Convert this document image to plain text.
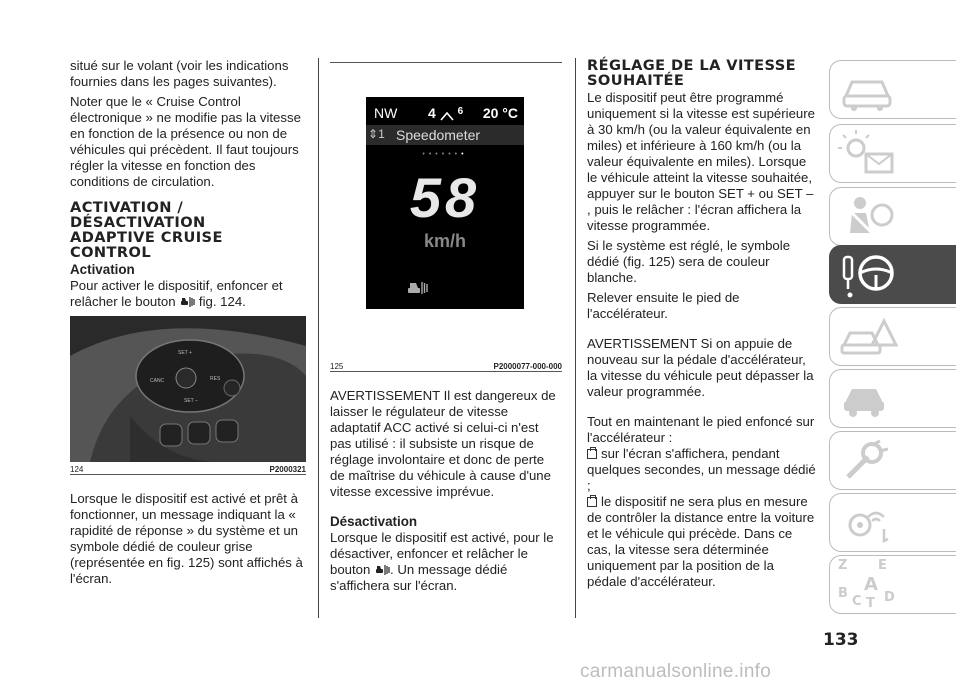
situé sur le volant (voir les indications fournies dans les pages suivantes).

Noter que le « Cruise Control électronique » ne modifie pas la vitesse en fonction de la présence ou non de véhicules qui précèdent. Il faut toujours régler la vitesse en fonction des conditions de circulation.

ACTIVATION /
DÉSACTIVATION
ADAPTIVE CRUISE
CONTROL
Activation

Pour activer le dispositif, enfoncer et relâcher le bouton fig. 124.

SET +
CANC	RES
SET –
124	P2000321

Lorsque le dispositif est activé et prêt à fonctionner, un message indiquant la « rapidité de réponse » du système et un symbole dédié de couleur grise (représentée en fig. 125) sont affichés à l'écran.

NW 4 $^6$ 20 °C
⇕1 Speedometer
•••••••
58
km/h
125	P2000077-000-000

AVERTISSEMENT Il est dangereux de laisser le régulateur de vitesse adaptatif ACC activé si celui-ci n'est pas utilisé : il subsiste un risque de réglage involontaire et donc de perte de maîtrise du véhicule à cause d'une vitesse excessive imprévue.

Désactivation

Lorsque le dispositif est activé, pour le désactiver, enfoncer et relâcher le bouton . Un message dédié s'affichera sur l'écran.

RÉGLAGE DE LA VITESSE
SOUHAITÉE

Le dispositif peut être programmé uniquement si la vitesse est supérieure à 30 km/h (ou la valeur équivalente en miles) et inférieure à 160 km/h (ou la valeur équivalente en miles). Lorsque le véhicule atteint la vitesse souhaitée, appuyer sur le bouton SET + ou SET – , puis le relâcher : l'écran affichera la vitesse programmée.

Si le système est réglé, le symbole dédié (fig. 125) sera de couleur blanche.

Relever ensuite le pied de l'accélérateur.

AVERTISSEMENT Si on appuie de nouveau sur la pédale d'accélérateur, la vitesse du véhicule peut dépasser la valeur programmée.

Tout en maintenant le pied enfoncé sur l'accélérateur :

sur l'écran s'affichera, pendant quelques secondes, un message dédié ;

le dispositif ne sera plus en mesure de contrôler la distance entre la voiture et le véhicule qui précède. Dans ce cas, la vitesse sera déterminée uniquement par la position de la pédale d'accélérateur.

Z E
A
B
C T D
133
carmanualsonline.info
